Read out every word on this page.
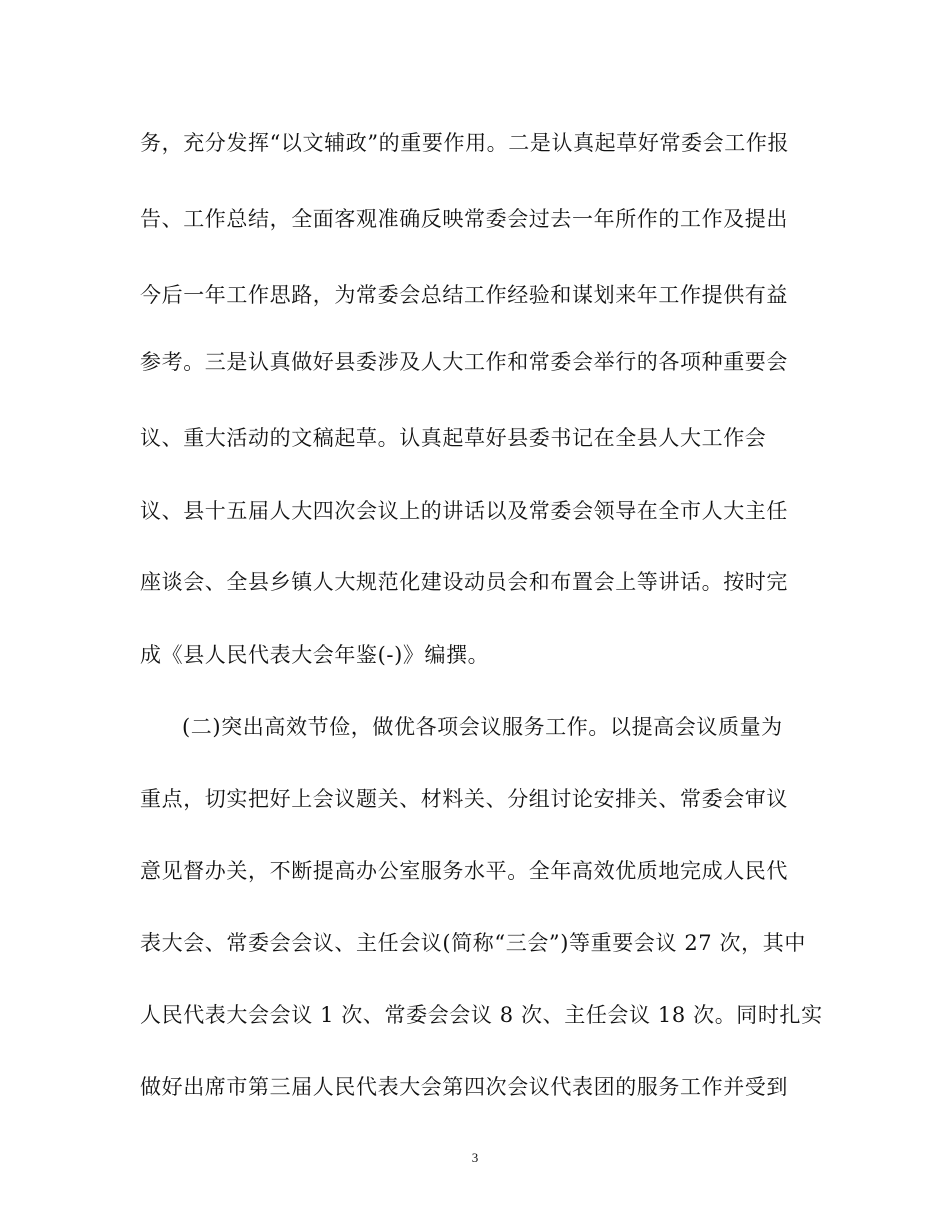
务，充分发挥“以文辅政”的重要作用。二是认真起草好常委会工作报
告、工作总结，全面客观准确反映常委会过去一年所作的工作及提出
今后一年工作思路，为常委会总结工作经验和谋划来年工作提供有益
参考。三是认真做好县委涉及人大工作和常委会举行的各项种重要会
议、重大活动的文稿起草。认真起草好县委书记在全县人大工作会
议、县十五届人大四次会议上的讲话以及常委会领导在全市人大主任
座谈会、全县乡镇人大规范化建设动员会和布置会上等讲话。按时完
成《县人民代表大会年鉴(-)》编撰。
(二)突出高效节俭，做优各项会议服务工作。以提高会议质量为
重点，切实把好上会议题关、材料关、分组讨论安排关、常委会审议
意见督办关，不断提高办公室服务水平。全年高效优质地完成人民代
表大会、常委会会议、主任会议(简称“三会”)等重要会议 27 次，其中
人民代表大会会议 1 次、常委会会议 8 次、主任会议 18 次。同时扎实
做好出席市第三届人民代表大会第四次会议代表团的服务工作并受到
3
